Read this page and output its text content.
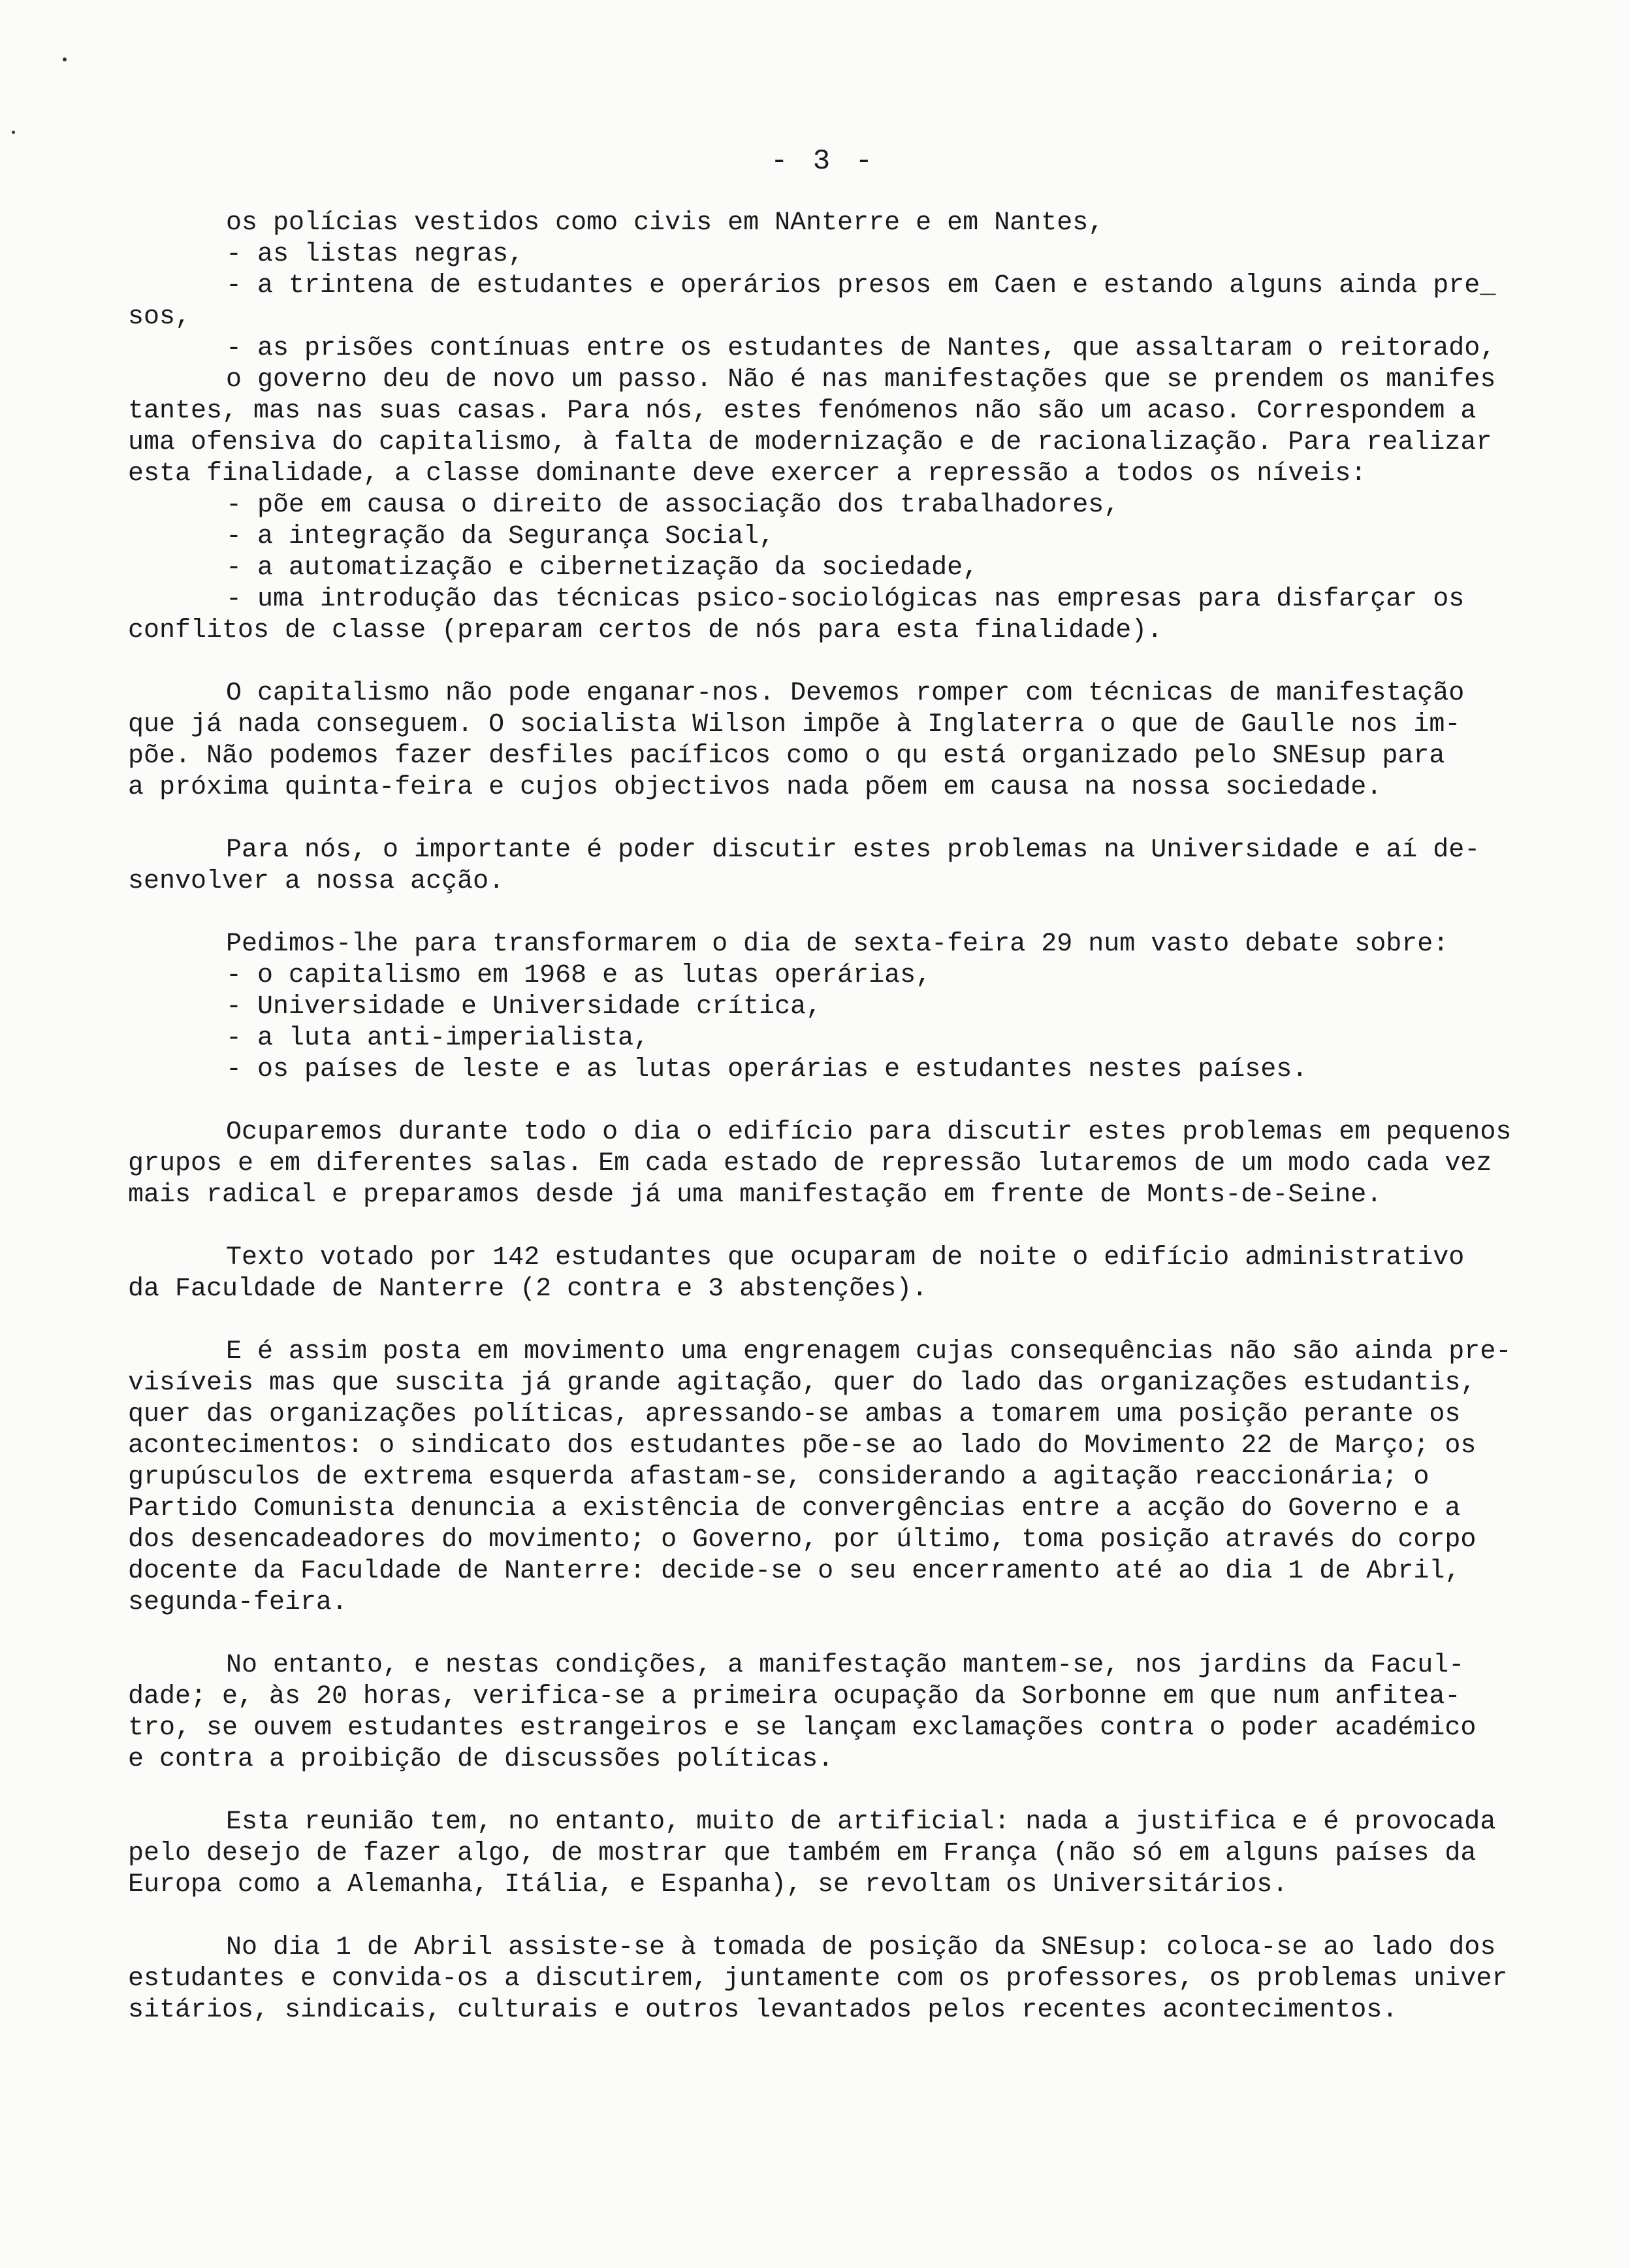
- 3 -
os polícias vestidos como civis em NAnterre e em Nantes,
- as listas negras,
- a trintena de estudantes e operários presos em Caen e estando alguns ainda pre_
sos,
- as prisões contínuas entre os estudantes de Nantes, que assaltaram o reitorado,
o governo deu de novo um passo. Não é nas manifestações que se prendem os manifes
tantes, mas nas suas casas. Para nós, estes fenómenos não são um acaso. Correspondem a
uma ofensiva do capitalismo, à falta de modernização e de racionalização. Para realizar
esta finalidade, a classe dominante deve exercer a repressão a todos os níveis:
- põe em causa o direito de associação dos trabalhadores,
- a integração da Segurança Social,
- a automatização e cibernetização da sociedade,
- uma introdução das técnicas psico-sociológicas nas empresas para disfarçar os
conflitos de classe (preparam certos de nós para esta finalidade).
O capitalismo não pode enganar-nos. Devemos romper com técnicas de manifestação
que já nada conseguem. O socialista Wilson impõe à Inglaterra o que de Gaulle nos im-
põe. Não podemos fazer desfiles pacíficos como o qu está organizado pelo SNEsup para
a próxima quinta-feira e cujos objectivos nada põem em causa na nossa sociedade.
Para nós, o importante é poder discutir estes problemas na Universidade e aí de-
senvolver a nossa acção.
Pedimos-lhe para transformarem o dia de sexta-feira 29 num vasto debate sobre:
- o capitalismo em 1968 e as lutas operárias,
- Universidade e Universidade crítica,
- a luta anti-imperialista,
- os países de leste e as lutas operárias e estudantes nestes países.
Ocuparemos durante todo o dia o edifício para discutir estes problemas em pequenos
grupos e em diferentes salas. Em cada estado de repressão lutaremos de um modo cada vez
mais radical e preparamos desde já uma manifestação em frente de Monts-de-Seine.
Texto votado por 142 estudantes que ocuparam de noite o edifício administrativo
da Faculdade de Nanterre (2 contra e 3 abstenções).
E é assim posta em movimento uma engrenagem cujas consequências não são ainda pre-
visíveis mas que suscita já grande agitação, quer do lado das organizações estudantis,
quer das organizações políticas, apressando-se ambas a tomarem uma posição perante os
acontecimentos: o sindicato dos estudantes põe-se ao lado do Movimento 22 de Março; os
grupúsculos de extrema esquerda afastam-se, considerando a agitação reaccionária; o
Partido Comunista denuncia a existência de convergências entre a acção do Governo e a
dos desencadeadores do movimento; o Governo, por último, toma posição através do corpo
docente da Faculdade de Nanterre: decide-se o seu encerramento até ao dia 1 de Abril,
segunda-feira.
No entanto, e nestas condições, a manifestação mantem-se, nos jardins da Facul-
dade; e, às 20 horas, verifica-se a primeira ocupação da Sorbonne em que num anfitea-
tro, se ouvem estudantes estrangeiros e se lançam exclamações contra o poder académico
e contra a proibição de discussões políticas.
Esta reunião tem, no entanto, muito de artificial: nada a justifica e é provocada
pelo desejo de fazer algo, de mostrar que também em França (não só em alguns países da
Europa como a Alemanha, Itália, e Espanha), se revoltam os Universitários.
No dia 1 de Abril assiste-se à tomada de posição da SNEsup: coloca-se ao lado dos
estudantes e convida-os a discutirem, juntamente com os professores, os problemas univer
sitários, sindicais, culturais e outros levantados pelos recentes acontecimentos.
